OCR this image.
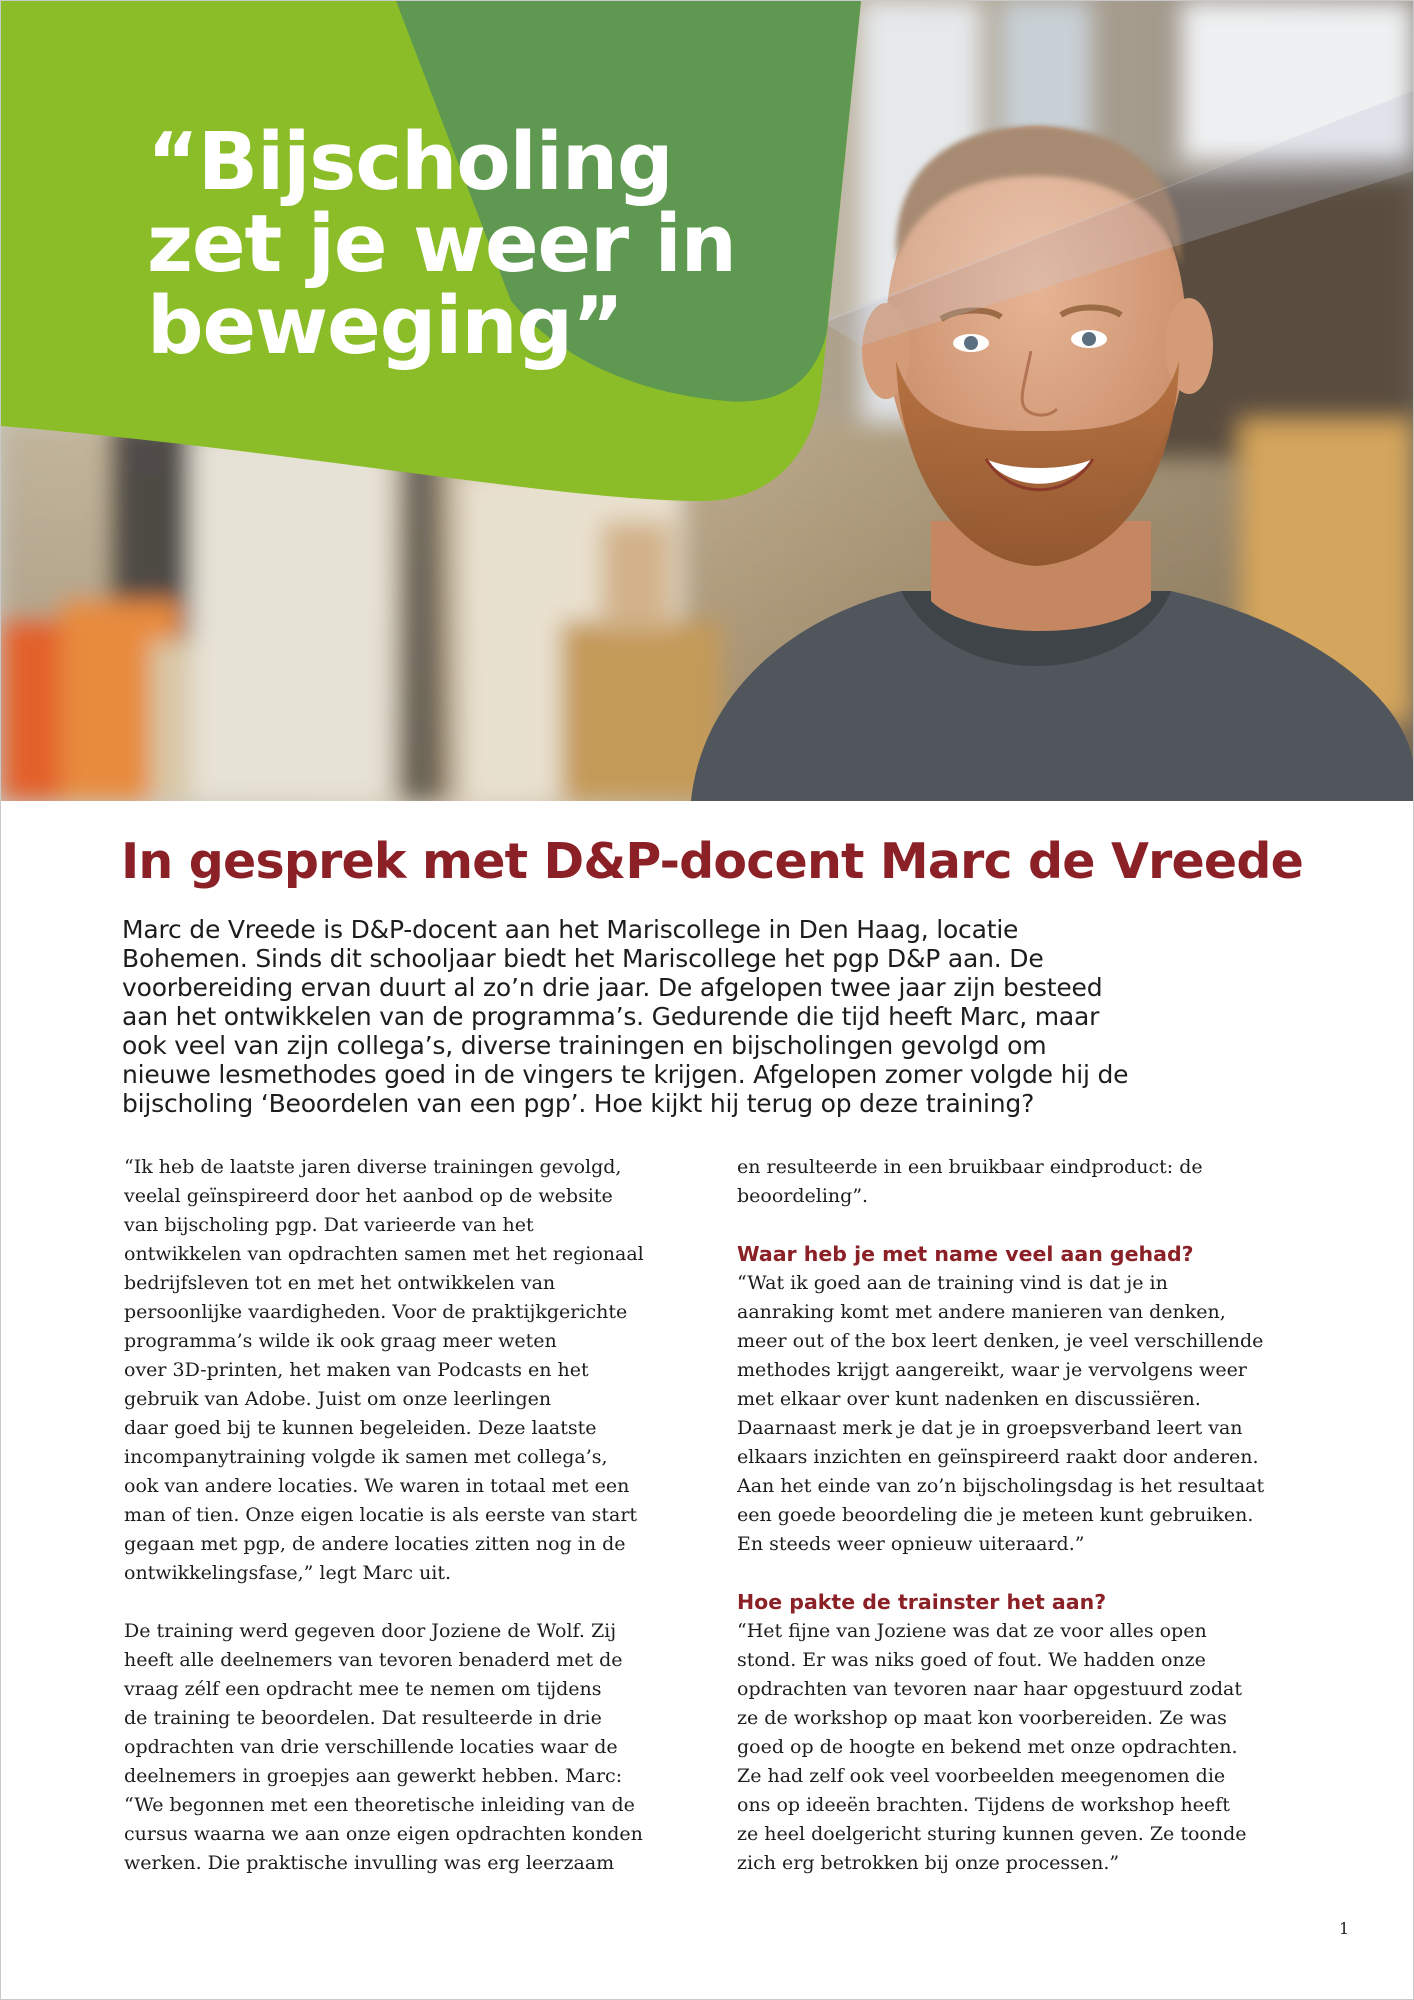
“Bijscholing
zet je weer in
beweging”
In gesprek met D&P-docent Marc de Vreede

Marc de Vreede is D&P-docent aan het Mariscollege in Den Haag, locatie
Bohemen. Sinds dit schooljaar biedt het Mariscollege het pgp D&P aan. De
voorbereiding ervan duurt al zo’n drie jaar. De afgelopen twee jaar zijn besteed
aan het ontwikkelen van de programma’s. Gedurende die tijd heeft Marc, maar
ook veel van zijn collega’s, diverse trainingen en bijscholingen gevolgd om
nieuwe lesmethodes goed in de vingers te krijgen. Afgelopen zomer volgde hij de
bijscholing ‘Beoordelen van een pgp’. Hoe kijkt hij terug op deze training?

“Ik heb de laatste jaren diverse trainingen gevolgd,
veelal geïnspireerd door het aanbod op de website
van bijscholing pgp. Dat varieerde van het
ontwikkelen van opdrachten samen met het regionaal
bedrijfsleven tot en met het ontwikkelen van
persoonlijke vaardigheden. Voor de praktijkgerichte
programma’s wilde ik ook graag meer weten
over 3D-printen, het maken van Podcasts en het
gebruik van Adobe. Juist om onze leerlingen
daar goed bij te kunnen begeleiden. Deze laatste
incompanytraining volgde ik samen met collega’s,
ook van andere locaties. We waren in totaal met een
man of tien. Onze eigen locatie is als eerste van start
gegaan met pgp, de andere locaties zitten nog in de
ontwikkelingsfase,” legt Marc uit.

De training werd gegeven door Joziene de Wolf. Zij
heeft alle deelnemers van tevoren benaderd met de
vraag zélf een opdracht mee te nemen om tijdens
de training te beoordelen. Dat resulteerde in drie
opdrachten van drie verschillende locaties waar de
deelnemers in groepjes aan gewerkt hebben. Marc:
“We begonnen met een theoretische inleiding van de
cursus waarna we aan onze eigen opdrachten konden
werken. Die praktische invulling was erg leerzaam

en resulteerde in een bruikbaar eindproduct: de
beoordeling”.

Waar heb je met name veel aan gehad?

“Wat ik goed aan de training vind is dat je in
aanraking komt met andere manieren van denken,
meer out of the box leert denken, je veel verschillende
methodes krijgt aangereikt, waar je vervolgens weer
met elkaar over kunt nadenken en discussiëren.
Daarnaast merk je dat je in groepsverband leert van
elkaars inzichten en geïnspireerd raakt door anderen.
Aan het einde van zo’n bijscholingsdag is het resultaat
een goede beoordeling die je meteen kunt gebruiken.
En steeds weer opnieuw uiteraard.”

Hoe pakte de trainster het aan?

“Het fijne van Joziene was dat ze voor alles open
stond. Er was niks goed of fout. We hadden onze
opdrachten van tevoren naar haar opgestuurd zodat
ze de workshop op maat kon voorbereiden. Ze was
goed op de hoogte en bekend met onze opdrachten.
Ze had zelf ook veel voorbeelden meegenomen die
ons op ideeën brachten. Tijdens de workshop heeft
ze heel doelgericht sturing kunnen geven. Ze toonde
zich erg betrokken bij onze processen.”

1
